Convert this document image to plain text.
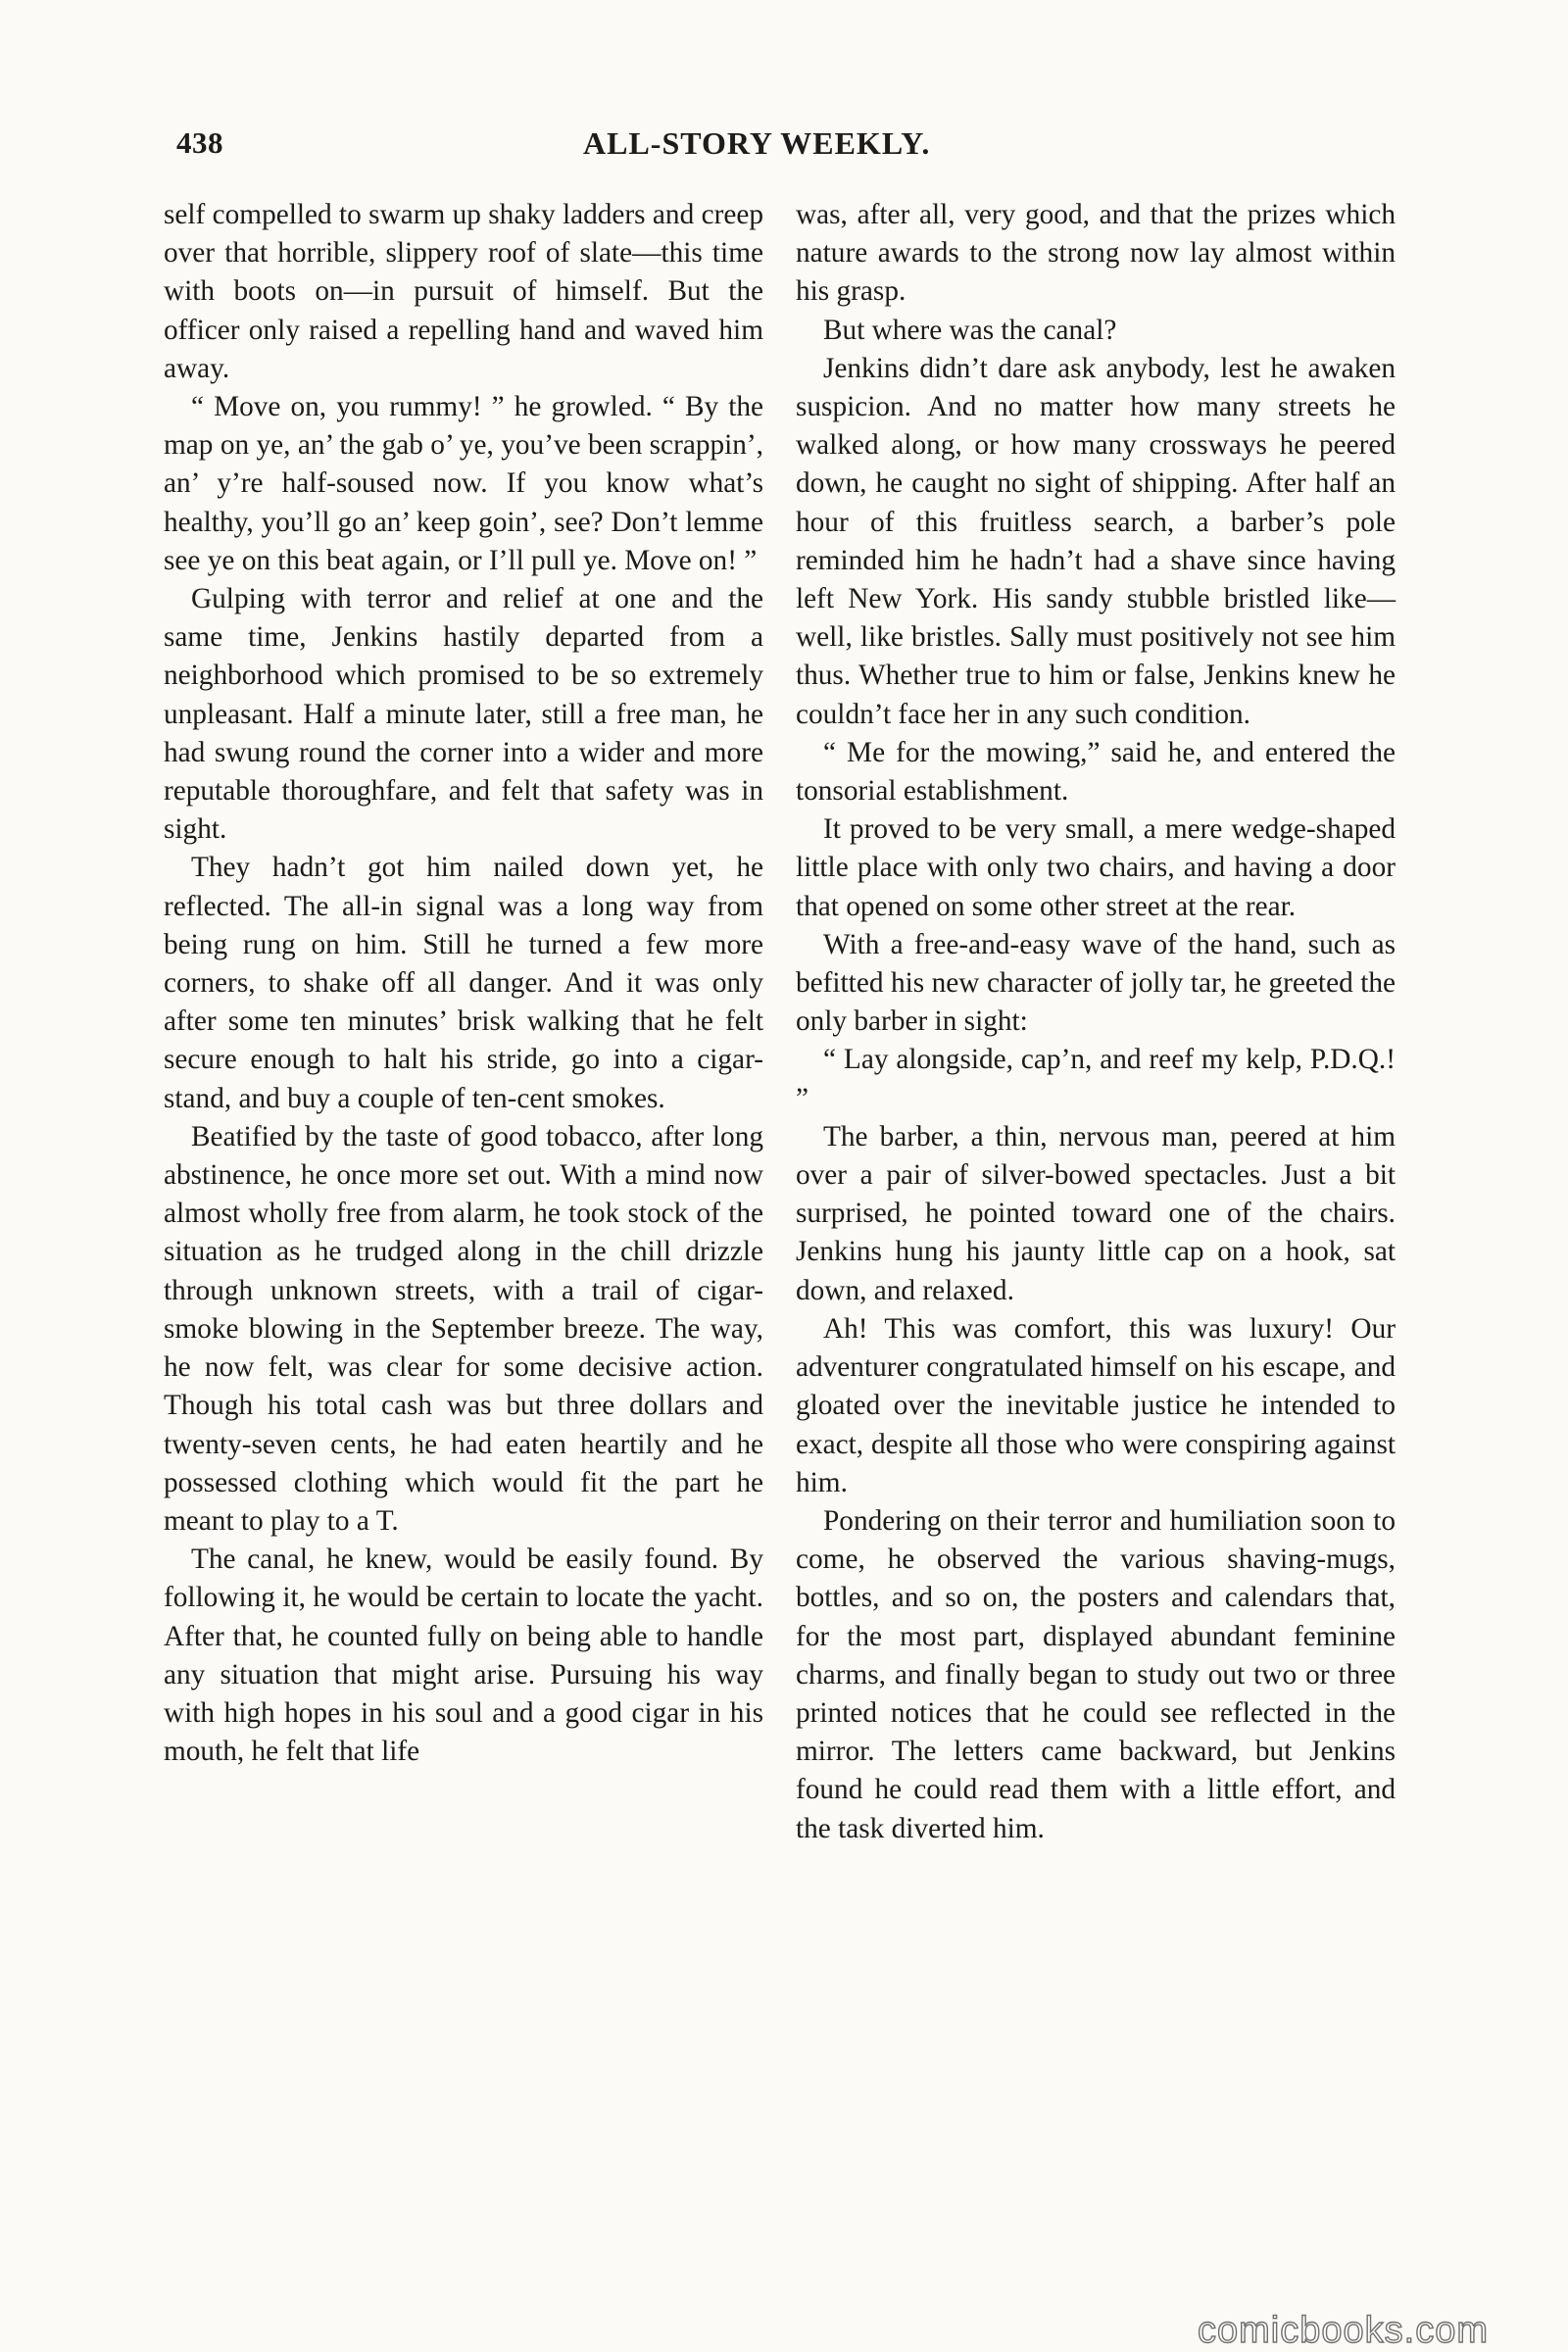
438	ALL-STORY WEEKLY.

self compelled to swarm up shaky ladders and creep over that horrible, slippery roof of slate—this time with boots on—in pursuit of himself. But the officer only raised a repelling hand and waved him away.

“ Move on, you rummy! ” he growled. “ By the map on ye, an’ the gab o’ ye, you’ve been scrappin’, an’ y’re half-soused now. If you know what’s healthy, you’ll go an’ keep goin’, see? Don’t lemme see ye on this beat again, or I’ll pull ye. Move on! ”

Gulping with terror and relief at one and the same time, Jenkins hastily departed from a neighborhood which promised to be so extremely unpleasant. Half a minute later, still a free man, he had swung round the corner into a wider and more reputable thoroughfare, and felt that safety was in sight.

They hadn’t got him nailed down yet, he reflected. The all-in signal was a long way from being rung on him. Still he turned a few more corners, to shake off all danger. And it was only after some ten minutes’ brisk walking that he felt secure enough to halt his stride, go into a cigar-stand, and buy a couple of ten-cent smokes.

Beatified by the taste of good tobacco, after long abstinence, he once more set out. With a mind now almost wholly free from alarm, he took stock of the situation as he trudged along in the chill drizzle through unknown streets, with a trail of cigar-smoke blowing in the September breeze. The way, he now felt, was clear for some decisive action. Though his total cash was but three dollars and twenty-seven cents, he had eaten heartily and he possessed clothing which would fit the part he meant to play to a T.

The canal, he knew, would be easily found. By following it, he would be certain to locate the yacht. After that, he counted fully on being able to handle any situation that might arise. Pursuing his way with high hopes in his soul and a good cigar in his mouth, he felt that life

was, after all, very good, and that the prizes which nature awards to the strong now lay almost within his grasp.

But where was the canal?

Jenkins didn’t dare ask anybody, lest he awaken suspicion. And no matter how many streets he walked along, or how many crossways he peered down, he caught no sight of shipping. After half an hour of this fruitless search, a barber’s pole reminded him he hadn’t had a shave since having left New York. His sandy stubble bristled like—well, like bristles. Sally must positively not see him thus. Whether true to him or false, Jenkins knew he couldn’t face her in any such condition.

“ Me for the mowing,” said he, and entered the tonsorial establishment.

It proved to be very small, a mere wedge-shaped little place with only two chairs, and having a door that opened on some other street at the rear.

With a free-and-easy wave of the hand, such as befitted his new character of jolly tar, he greeted the only barber in sight:

“ Lay alongside, cap’n, and reef my kelp, P.D.Q.! ”

The barber, a thin, nervous man, peered at him over a pair of silver-bowed spectacles. Just a bit surprised, he pointed toward one of the chairs. Jenkins hung his jaunty little cap on a hook, sat down, and relaxed.

Ah! This was comfort, this was luxury! Our adventurer congratulated himself on his escape, and gloated over the inevitable justice he intended to exact, despite all those who were conspiring against him.

Pondering on their terror and humiliation soon to come, he observed the various shaving-mugs, bottles, and so on, the posters and calendars that, for the most part, displayed abundant feminine charms, and finally began to study out two or three printed notices that he could see reflected in the mirror. The letters came backward, but Jenkins found he could read them with a little effort, and the task diverted him.

comicbooks.com
